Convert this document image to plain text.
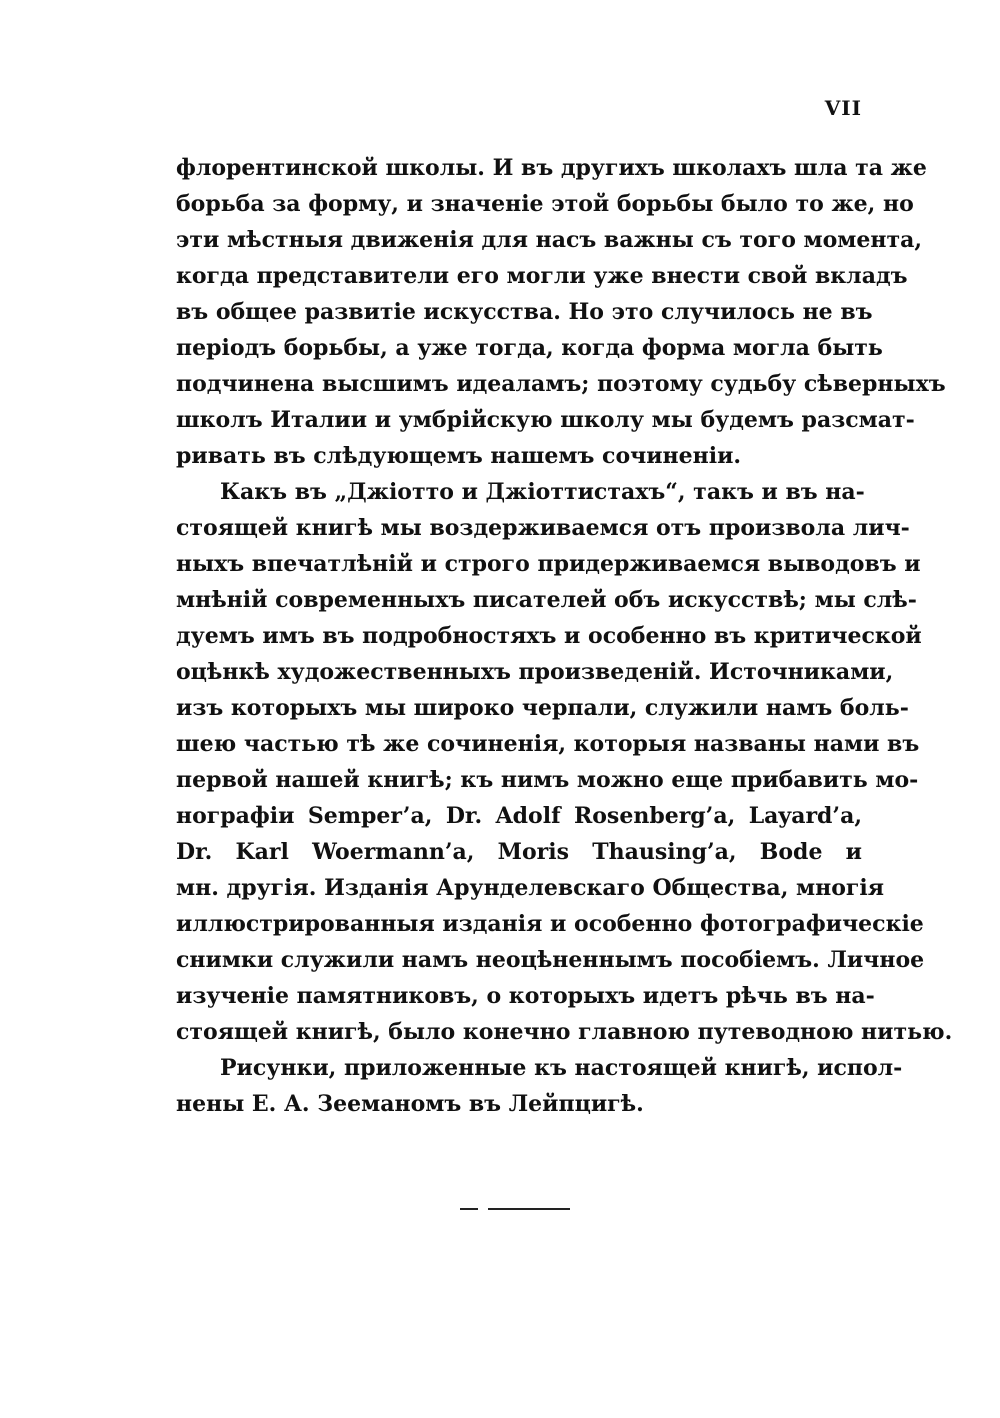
VII
флорентинской школы. И въ другихъ школахъ шла та же
борьба за форму, и значенiе этой борьбы было то же, но
эти мѣстныя движенiя для насъ важны съ того момента,
когда представители его могли уже внести свой вкладъ
въ общее развитiе искусства. Но это случилось не въ
перiодъ борьбы, а уже тогда, когда форма могла быть
подчинена высшимъ идеаламъ; поэтому судьбу сѣверныхъ
школъ Италии и умбрiйскую школу мы будемъ разсмат-
ривать въ слѣдующемъ нашемъ сочиненiи.
Какъ въ „Джiотто и Джiоттистахъ“, такъ и въ на-
стоящей книгѣ мы воздерживаемся отъ произвола лич-
ныхъ впечатлѣнiй и строго придерживаемся выводовъ и
мнѣнiй современныхъ писателей объ искусствѣ; мы слѣ-
дуемъ имъ въ подробностяхъ и особенно въ критической
оцѣнкѣ художественныхъ произведенiй. Источниками,
изъ которыхъ мы широко черпали, служили намъ боль-
шею частью тѣ же сочиненiя, которыя названы нами въ
первой нашей книгѣ; къ нимъ можно еще прибавить мо-
нографiи Semper’a, Dr. Adolf Rosenberg’a, Layard’a,
Dr. Karl Woermann’a, Moris Thausing’a, Bode и
мн. другiя. Изданiя Арунделевскаго Общества, многiя
иллюстрированныя изданiя и особенно фотографическiе
снимки служили намъ неоцѣненнымъ пособiемъ. Личное
изученiе памятниковъ, о которыхъ идетъ рѣчь въ на-
стоящей книгѣ, было конечно главною путеводною нитью.
Рисунки, приложенные къ настоящей книгѣ, испол-
нены Е. А. Зееманомъ въ Лейпцигѣ.
